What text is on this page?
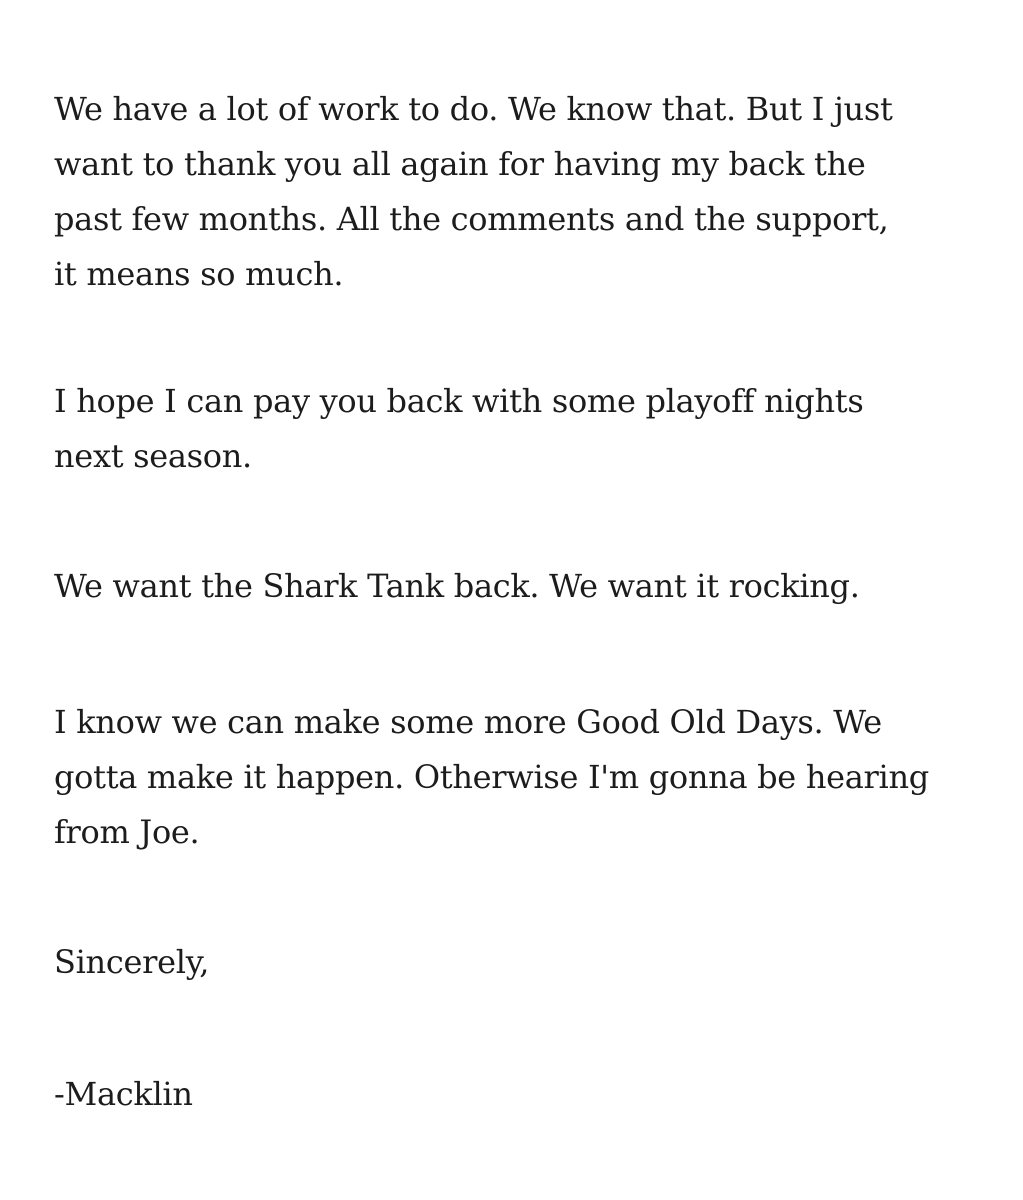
We have a lot of work to do. We know that. But I just
want to thank you all again for having my back the
past few months. All the comments and the support,
it means so much.

I hope I can pay you back with some playoff nights
next season.

We want the Shark Tank back. We want it rocking.

I know we can make some more Good Old Days. We
gotta make it happen. Otherwise I'm gonna be hearing
from Joe.

Sincerely,

-Macklin
